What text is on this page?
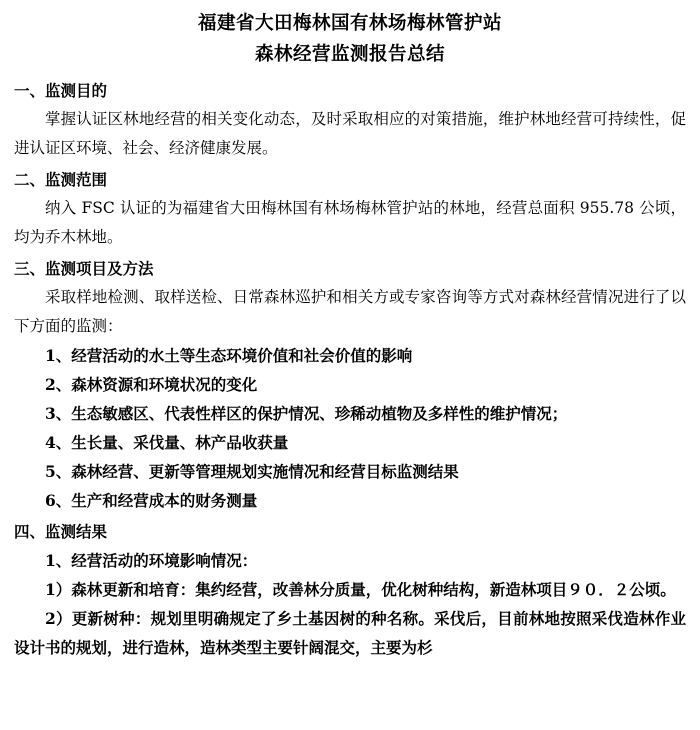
福建省大田梅林国有林场梅林管护站
森林经营监测报告总结
一、监测目的
掌握认证区林地经营的相关变化动态，及时采取相应的对策措施，维护林地经营可持续性，促进认证区环境、社会、经济健康发展。
二、监测范围
纳入 FSC 认证的为福建省大田梅林国有林场梅林管护站的林地，经营总面积 955.78 公顷，均为乔木林地。
三、监测项目及方法
采取样地检测、取样送检、日常森林巡护和相关方或专家咨询等方式对森林经营情况进行了以下方面的监测：
1、经营活动的水土等生态环境价值和社会价值的影响
2、森林资源和环境状况的变化
3、生态敏感区、代表性样区的保护情况、珍稀动植物及多样性的维护情况；
4、生长量、采伐量、林产品收获量
5、森林经营、更新等管理规划实施情况和经营目标监测结果
6、生产和经营成本的财务测量
四、监测结果
1、经营活动的环境影响情况：
1）森林更新和培育：集约经营，改善林分质量，优化树种结构，新造林项目９０．２公顷。
2）更新树种：规划里明确规定了乡土基因树的种名称。采伐后，目前林地按照采伐造林作业设计书的规划，进行造林，造林类型主要针阔混交，主要为杉
